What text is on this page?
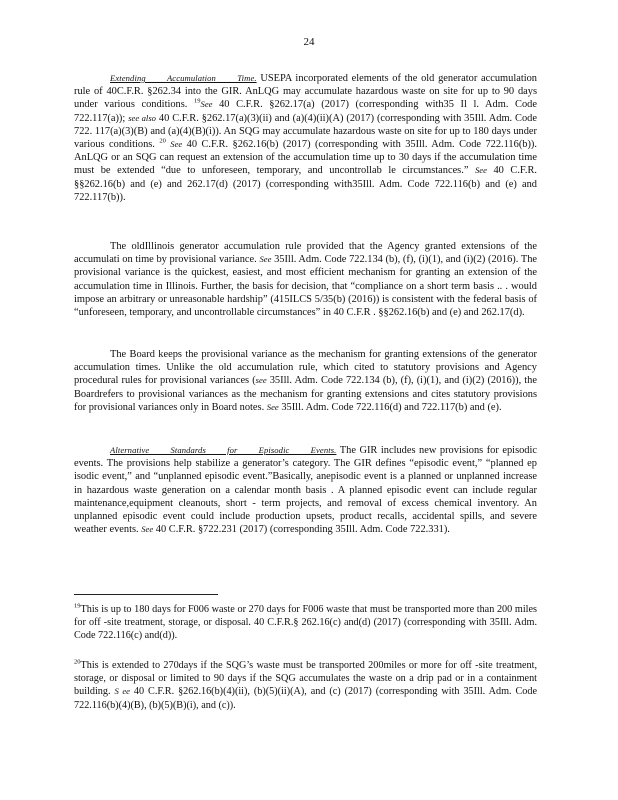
24

Extending Accumulation Time. USEPA incorporated elements of the old generator accumulation rule of 40C.F.R. §262.34 into the GIR. AnLQG may accumulate hazardous waste on site for up to 90 days under various conditions. $^{19}$See 40 C.F.R. §262.17(a) (2017) (corresponding with35 Il l. Adm. Code 722.117(a)); see also 40 C.F.R. §262.17(a)(3)(ii) and (a)(4)(ii)(A) (2017) (corresponding with 35Ill. Adm. Code 722. 117(a)(3)(B) and (a)(4)(B)(i)). An SQG may accumulate hazardous waste on site for up to 180 days under various conditions. $^{20}$ See 40 C.F.R. §262.16(b) (2017) (corresponding with 35Ill. Adm. Code 722.116(b)). AnLQG or an SQG can request an extension of the accumulation time up to 30 days if the accumulation time must be extended “due to unforeseen, temporary, and uncontrollab le circumstances.” See 40 C.F.R. §§262.16(b) and (e) and 262.17(d) (2017) (corresponding with35Ill. Adm. Code 722.116(b) and (e) and 722.117(b)).

The oldIllinois generator accumulation rule provided that the Agency granted extensions of the accumulati on time by provisional variance. See 35Ill. Adm. Code 722.134 (b), (f), (i)(1), and (i)(2) (2016). The provisional variance is the quickest, easiest, and most efficient mechanism for granting an extension of the accumulation time in Illinois. Further, the basis for decision, that “compliance on a short term basis .. . would impose an arbitrary or unreasonable hardship” (415ILCS 5/35(b) (2016)) is consistent with the federal basis of “unforeseen, temporary, and uncontrollable circumstances” in 40 C.F.R . §§262.16(b) and (e) and 262.17(d).

The Board keeps the provisional variance as the mechanism for granting extensions of the generator accumulation times. Unlike the old accumulation rule, which cited to statutory provisions and Agency procedural rules for provisional variances (see 35Ill. Adm. Code 722.134 (b), (f), (i)(1), and (i)(2) (2016)), the Boardrefers to provisional variances as the mechanism for granting extensions and cites statutory provisions for provisional variances only in Board notes. See 35Ill. Adm. Code 722.116(d) and 722.117(b) and (e).

Alternative Standards for Episodic Events. The GIR includes new provisions for episodic events. The provisions help stabilize a generator’s category. The GIR defines “episodic event,” “planned ep isodic event,” and “unplanned episodic event.”Basically, anepisodic event is a planned or unplanned increase in hazardous waste generation on a calendar month basis . A planned episodic event can include regular maintenance,equipment cleanouts, short - term projects, and removal of excess chemical inventory. An unplanned episodic event could include production upsets, product recalls, accidental spills, and severe weather events. See 40 C.F.R. §722.231 (2017) (corresponding 35Ill. Adm. Code 722.331).

$^{19}$This is up to 180 days for F006 waste or 270 days for F006 waste that must be transported more than 200 miles for off -site treatment, storage, or disposal. 40 C.F.R.§ 262.16(c) and(d) (2017) (corresponding with 35Ill. Adm. Code 722.116(c) and(d)).

$^{20}$This is extended to 270days if the SQG’s waste must be transported 200miles or more for off -site treatment, storage, or disposal or limited to 90 days if the SQG accumulates the waste on a drip pad or in a containment building. S ee 40 C.F.R. §262.16(b)(4)(ii), (b)(5)(ii)(A), and (c) (2017) (corresponding with 35Ill. Adm. Code 722.116(b)(4)(B), (b)(5)(B)(i), and (c)).
